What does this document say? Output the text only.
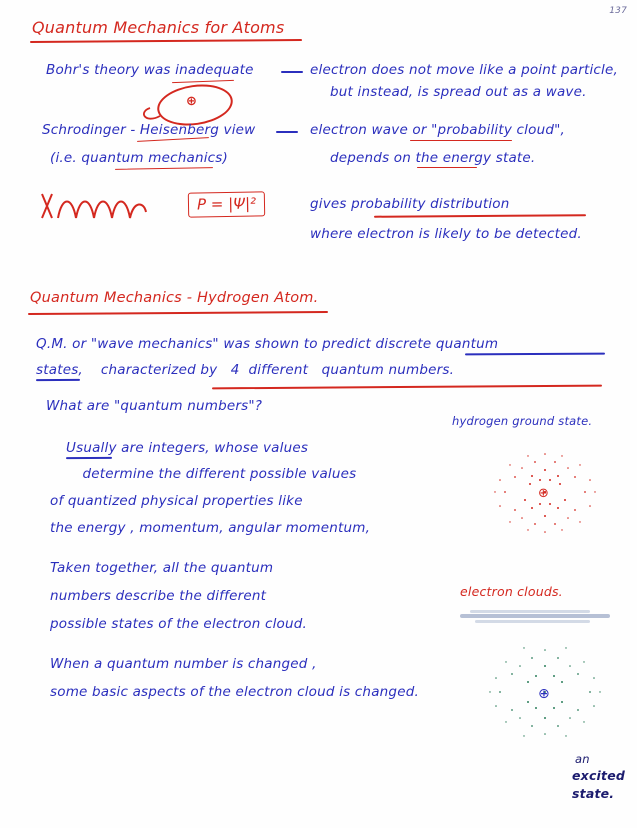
137
Quantum Mechanics for Atoms
Bohr's theory was inadequate
⊕
electron does not move like a point particle,
but instead, is spread out as a wave.
Schrodinger - Heisenberg view
(i.e. quantum mechanics)
electron wave or "probability cloud",
depends on the energy state.
P = |Ψ|²	gives probability distribution
where electron is likely to be detected.
Quantum Mechanics - Hydrogen Atom.
Q.M. or "wave mechanics" was shown to predict discrete quantum
states,    characterized by   4  different   quantum numbers.
What are "quantum numbers"?
Usually are integers, whose values
determine the different possible values
of quantized physical properties like
the energy , momentum, angular momentum,
Taken together, all the quantum
numbers describe the different
possible states of the electron cloud.
When a quantum number is changed ,
some basic aspects of the electron cloud is changed.
hydrogen ground state.
⊕
electron clouds.
⊕
an
excited
state.
